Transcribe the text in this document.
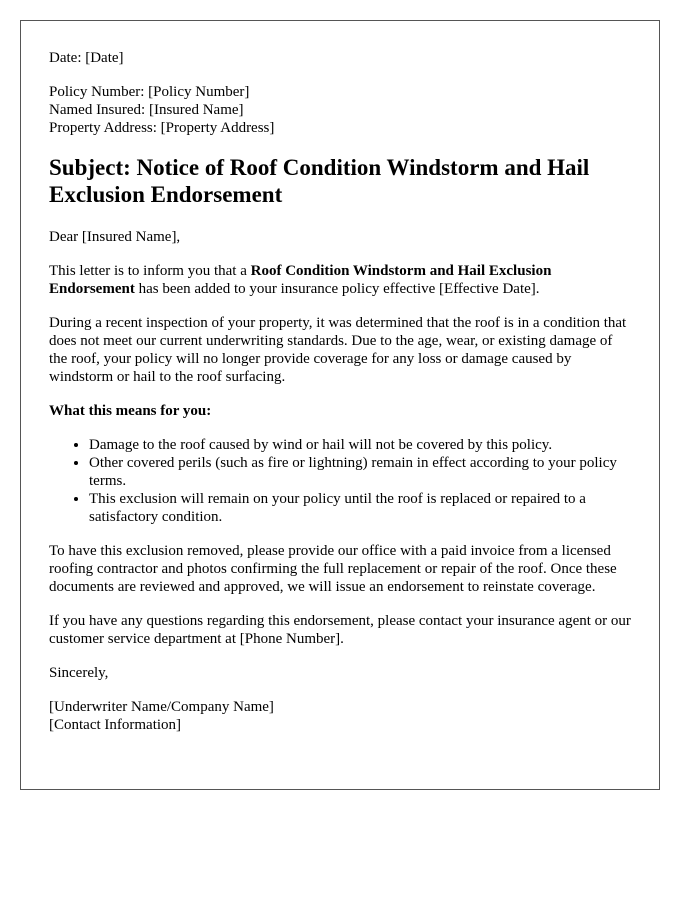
Date: [Date]

Policy Number: [Policy Number]
Named Insured: [Insured Name]
Property Address: [Property Address]

Subject: Notice of Roof Condition Windstorm and Hail Exclusion Endorsement

Dear [Insured Name],

This letter is to inform you that a Roof Condition Windstorm and Hail Exclusion Endorsement has been added to your insurance policy effective [Effective Date].

During a recent inspection of your property, it was determined that the roof is in a condition that does not meet our current underwriting standards. Due to the age, wear, or existing damage of the roof, your policy will no longer provide coverage for any loss or damage caused by windstorm or hail to the roof surfacing.

What this means for you:

• Damage to the roof caused by wind or hail will not be covered by this policy.
• Other covered perils (such as fire or lightning) remain in effect according to your policy terms.
• This exclusion will remain on your policy until the roof is replaced or repaired to a satisfactory condition.

To have this exclusion removed, please provide our office with a paid invoice from a licensed roofing contractor and photos confirming the full replacement or repair of the roof. Once these documents are reviewed and approved, we will issue an endorsement to reinstate coverage.

If you have any questions regarding this endorsement, please contact your insurance agent or our customer service department at [Phone Number].

Sincerely,

[Underwriter Name/Company Name]
[Contact Information]
